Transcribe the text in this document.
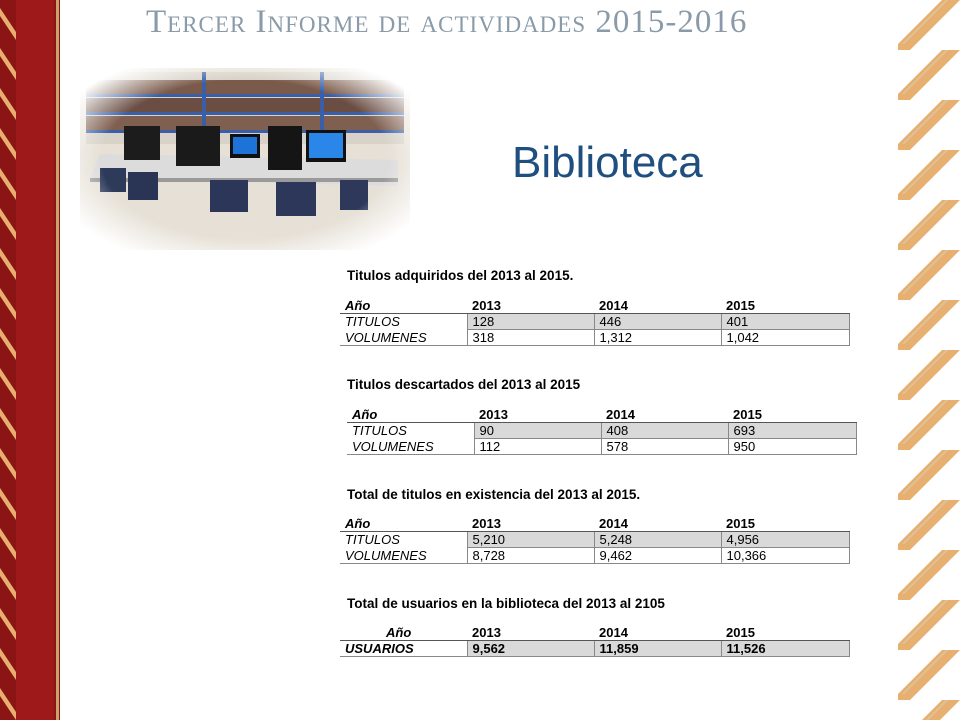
Tercer Informe de actividades 2015-2016
Biblioteca
Titulos adquiridos del 2013 al 2015.
Año	2013	2014	2015
TITULOS	128	446	401
VOLUMENES	318	1,312	1,042
Titulos descartados del 2013 al 2015
Año	2013	2014	2015
TITULOS	90	408	693
VOLUMENES	112	578	950
Total de titulos en existencia del 2013 al 2015.
Año	2013	2014	2015
TITULOS	5,210	5,248	4,956
VOLUMENES	8,728	9,462	10,366
Total de usuarios en la biblioteca del 2013 al 2105
Año	2013	2014	2015
USUARIOS	9,562	11,859	11,526
